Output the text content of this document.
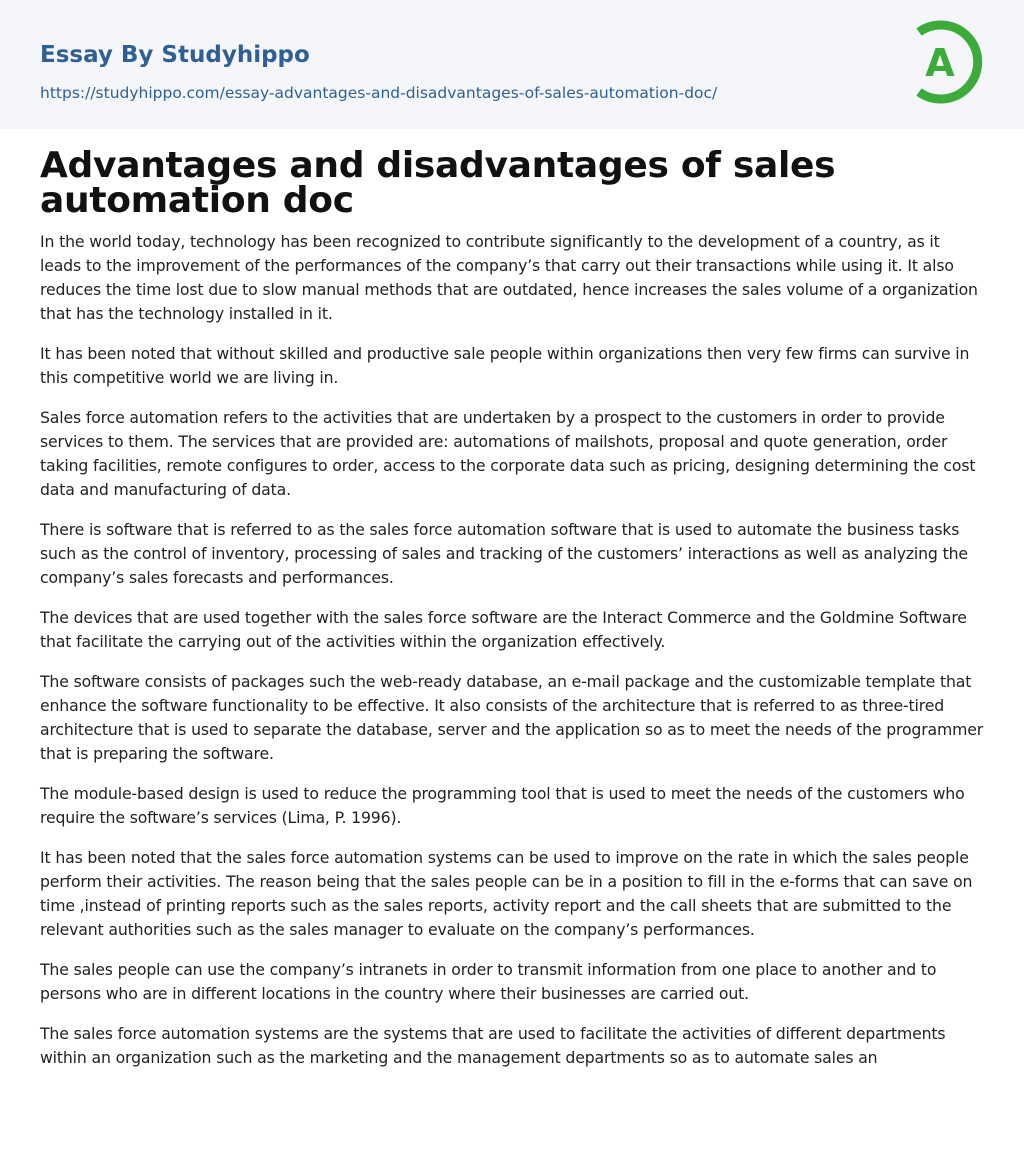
Essay By Studyhippo
https://studyhippo.com/essay-advantages-and-disadvantages-of-sales-automation-doc/
A
Advantages and disadvantages of sales automation doc

In the world today, technology has been recognized to contribute significantly to the development of a country, as it leads to the improvement of the performances of the company’s that carry out their transactions while using it. It also reduces the time lost due to slow manual methods that are outdated, hence increases the sales volume of a organization that has the technology installed in it.

It has been noted that without skilled and productive sale people within organizations then very few firms can survive in this competitive world we are living in.

Sales force automation refers to the activities that are undertaken by a prospect to the customers in order to provide services to them. The services that are provided are: automations of mailshots, proposal and quote generation, order taking facilities, remote configures to order, access to the corporate data such as pricing, designing determining the cost data and manufacturing of data.

There is software that is referred to as the sales force automation software that is used to automate the business tasks such as the control of inventory, processing of sales and tracking of the customers’ interactions as well as analyzing the company’s sales forecasts and performances.

The devices that are used together with the sales force software are the Interact Commerce and the Goldmine Software that facilitate the carrying out of the activities within the organization effectively.

The software consists of packages such the web-ready database, an e-mail package and the customizable template that enhance the software functionality to be effective. It also consists of the architecture that is referred to as three-tired architecture that is used to separate the database, server and the application so as to meet the needs of the programmer that is preparing the software.

The module-based design is used to reduce the programming tool that is used to meet the needs of the customers who require the software’s services (Lima, P. 1996).

It has been noted that the sales force automation systems can be used to improve on the rate in which the sales people perform their activities. The reason being that the sales people can be in a position to fill in the e-forms that can save on time ,instead of printing reports such as the sales reports, activity report and the call sheets that are submitted to the relevant authorities such as the sales manager to evaluate on the company’s performances.

The sales people can use the company’s intranets in order to transmit information from one place to another and to persons who are in different locations in the country where their businesses are carried out.

The sales force automation systems are the systems that are used to facilitate the activities of different departments within an organization such as the marketing and the management departments so as to automate sales an
